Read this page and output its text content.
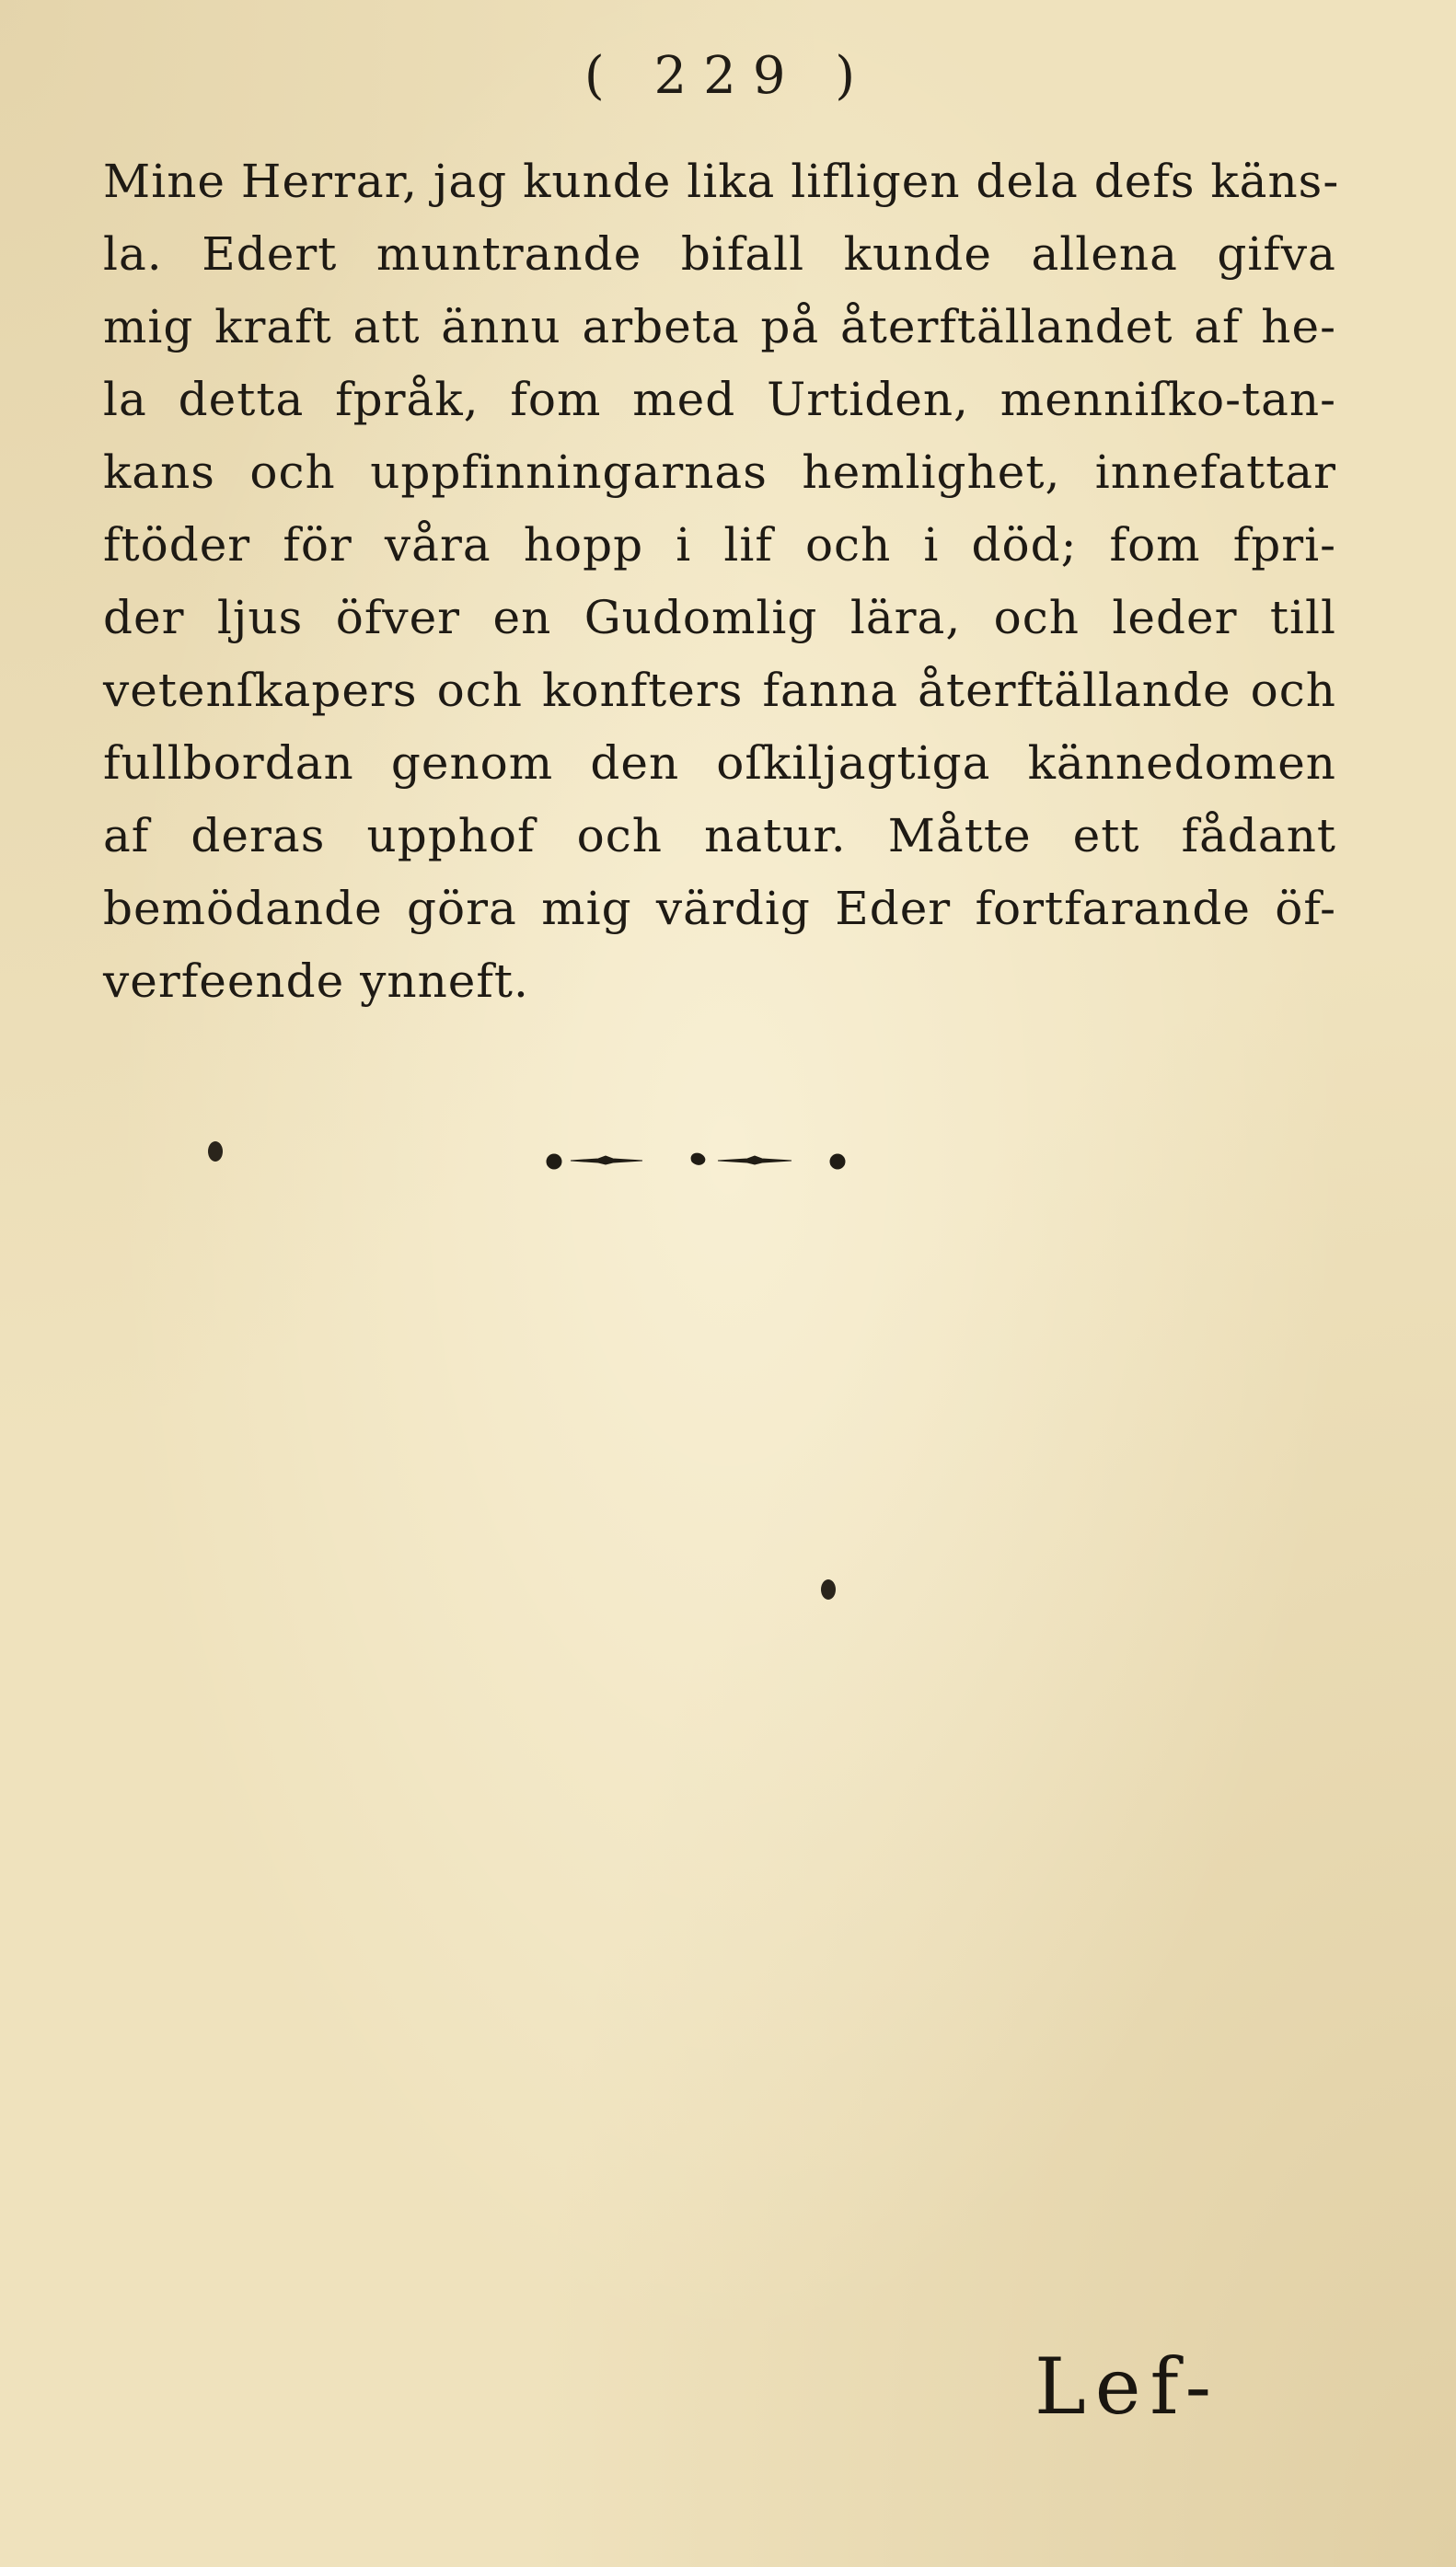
( 229 )
Mine Herrar, jag kunde lika lifligen dela defs käns-
la. Edert muntrande bifall kunde allena gifva
mig kraft att ännu arbeta på återftällandet af he-
la detta fpråk, fom med Urtiden, menniſko-tan-
kans och uppfinningarnas hemlighet, innefattar
ftöder för våra hopp i lif och i död; fom fpri-
der ljus öfver en Gudomlig lära, och leder till
vetenſkapers och konfters fanna återftällande och
fullbordan genom den oſkiljagtiga kännedomen
af deras upphof och natur. Måtte ett fådant
bemödande göra mig värdig Eder fortfarande öf-
verfeende ynneft.
Lef-
